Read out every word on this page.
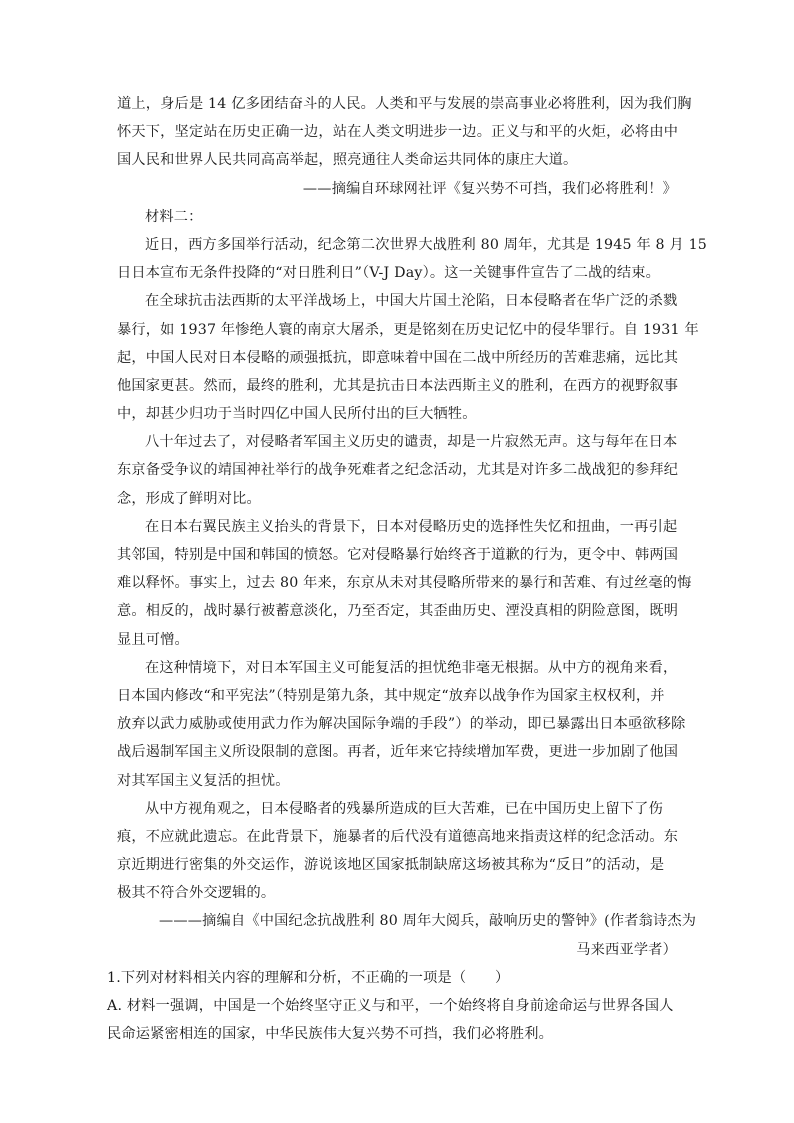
道上，身后是 14 亿多团结奋斗的人民。人类和平与发展的崇高事业必将胜利，因为我们胸
怀天下，坚定站在历史正确一边，站在人类文明进步一边。正义与和平的火炬，必将由中
国人民和世界人民共同高高举起，照亮通往人类命运共同体的康庄大道。
——摘编自环球网社评《复兴势不可挡，我们必将胜利！》
材料二：
近日，西方多国举行活动，纪念第二次世界大战胜利 80 周年，尤其是 1945 年 8 月 15
日日本宣布无条件投降的“对日胜利日”（V-J Day）。这一关键事件宣告了二战的结束。
在全球抗击法西斯的太平洋战场上，中国大片国土沦陷，日本侵略者在华广泛的杀戮
暴行，如 1937 年惨绝人寰的南京大屠杀，更是铭刻在历史记忆中的侵华罪行。自 1931 年
起，中国人民对日本侵略的顽强抵抗，即意味着中国在二战中所经历的苦难悲痛，远比其
他国家更甚。然而，最终的胜利，尤其是抗击日本法西斯主义的胜利，在西方的视野叙事
中，却甚少归功于当时四亿中国人民所付出的巨大牺牲。
八十年过去了，对侵略者军国主义历史的谴责，却是一片寂然无声。这与每年在日本
东京备受争议的靖国神社举行的战争死难者之纪念活动，尤其是对许多二战战犯的参拜纪
念，形成了鲜明对比。
在日本右翼民族主义抬头的背景下，日本对侵略历史的选择性失忆和扭曲，一再引起
其邻国，特别是中国和韩国的愤怒。它对侵略暴行始终吝于道歉的行为，更令中、韩两国
难以释怀。事实上，过去 80 年来，东京从未对其侵略所带来的暴行和苦难、有过丝毫的悔
意。相反的，战时暴行被蓄意淡化，乃至否定，其歪曲历史、湮没真相的阴险意图，既明
显且可憎。
在这种情境下，对日本军国主义可能复活的担忧绝非毫无根据。从中方的视角来看，
日本国内修改“和平宪法”（特别是第九条，其中规定“放弃以战争作为国家主权权利，并
放弃以武力威胁或使用武力作为解决国际争端的手段”）的举动，即已暴露出日本亟欲移除
战后遏制军国主义所设限制的意图。再者，近年来它持续增加军费，更进一步加剧了他国
对其军国主义复活的担忧。
从中方视角观之，日本侵略者的残暴所造成的巨大苦难，已在中国历史上留下了伤
痕，不应就此遗忘。在此背景下，施暴者的后代没有道德高地来指责这样的纪念活动。东
京近期进行密集的外交运作，游说该地区国家抵制缺席这场被其称为“反日”的活动，是
极其不符合外交逻辑的。
———摘编自《中国纪念抗战胜利 80 周年大阅兵，敲响历史的警钟》(作者翁诗杰为
马来西亚学者）
1.下列对材料相关内容的理解和分析，不正确的一项是（　　）
A. 材料一强调，中国是一个始终坚守正义与和平，一个始终将自身前途命运与世界各国人
民命运紧密相连的国家，中华民族伟大复兴势不可挡，我们必将胜利。
